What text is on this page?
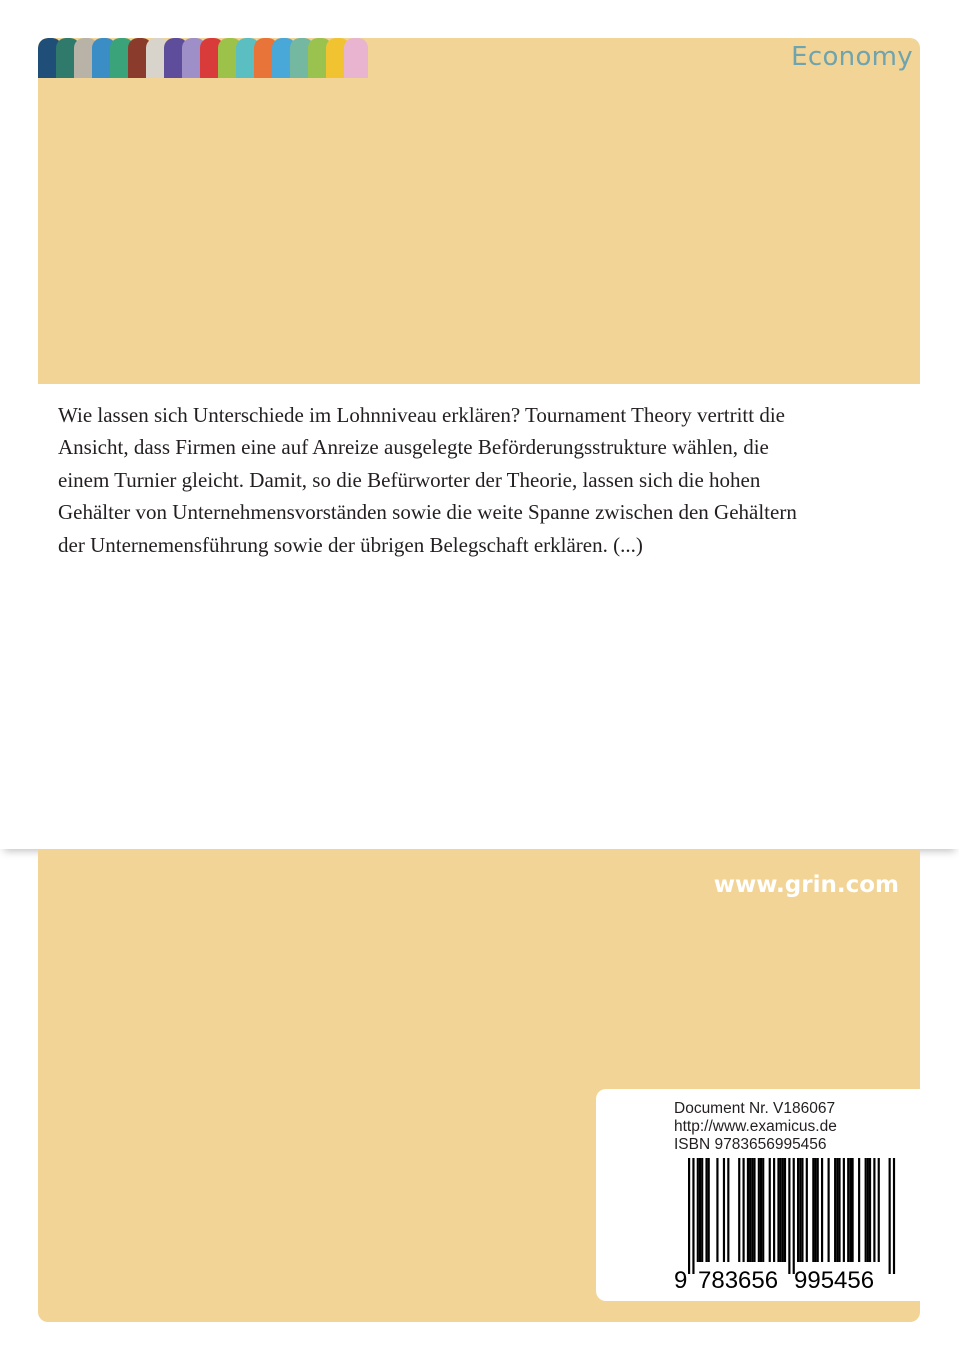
Economy

Wie lassen sich Unterschiede im Lohnniveau erklären? Tournament Theory vertritt die
Ansicht, dass Firmen eine auf Anreize ausgelegte Beförderungsstrukture wählen, die
einem Turnier gleicht. Damit, so die Befürworter der Theorie, lassen sich die hohen
Gehälter von Unternehmensvorständen sowie die weite Spanne zwischen den Gehältern
der Unternemensführung sowie der übrigen Belegschaft erklären. (...)

www.grin.com
Document Nr. V186067
http://www.examicus.de
ISBN 9783656995456
9 783656 995456
